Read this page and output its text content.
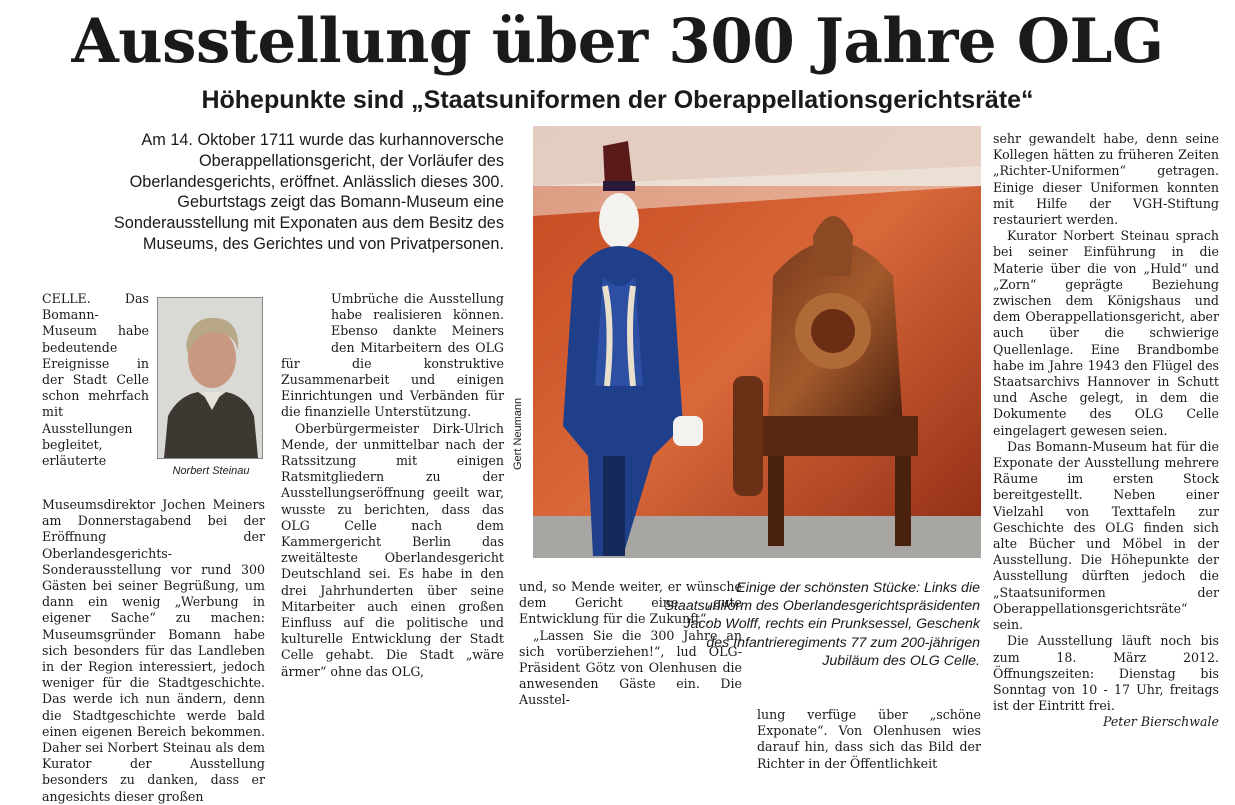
Ausstellung über 300 Jahre OLG
Höhepunkte sind „Staatsuniformen der Oberappellationsgerichtsräte“

Am 14. Oktober 1711 wurde das kurhannoversche Oberappellationsgericht, der Vorläufer des Oberlandesgerichts, eröffnet. Anlässlich dieses 300. Geburtstags zeigt das Bomann-Museum eine Sonderausstellung mit Exponaten aus dem Besitz des Museums, des Gerichtes und von Privatpersonen.

Norbert Steinau

CELLE. Das Bomann-Museum habe bedeutende Ereignisse in der Stadt Celle schon mehrfach mit Ausstellungen begleitet, erläuterte Museumsdirektor Jochen Meiners am Donnerstagabend bei der Eröffnung der Oberlandesgerichts-Sonderausstellung vor rund 300 Gästen bei seiner Begrüßung, um dann ein wenig „Werbung in eigener Sache“ zu machen: Museumsgründer Bomann habe sich besonders für das Landleben in der Region interessiert, jedoch weniger für die Stadtgeschichte. Das werde ich nun ändern, denn die Stadtgeschichte werde bald einen eigenen Bereich bekommen. Daher sei Norbert Steinau als dem Kurator der Ausstellung besonders zu danken, dass er angesichts dieser großen

Umbrüche die Ausstellung habe realisieren können. Ebenso dankte Meiners den Mitarbeitern des OLG für die konstruktive Zusammenarbeit und einigen Einrichtungen und Verbänden für die finanzielle Unterstützung.

Oberbürgermeister Dirk-Ulrich Mende, der unmittelbar nach der Ratssitzung mit einigen Ratsmitgliedern zu der Ausstellungseröffnung geeilt war, wusste zu berichten, dass das OLG Celle nach dem Kammergericht Berlin das zweitälteste Oberlandesgericht Deutschland sei. Es habe in den drei Jahrhunderten über seine Mitarbeiter auch einen großen Einfluss auf die politische und kulturelle Entwicklung der Stadt Celle gehabt. Die Stadt „wäre ärmer“ ohne das OLG,

Gert Neumann
Einige der schönsten Stücke: Links die Staatsuniform des Oberlandesgerichtspräsidenten Jacob Wolff, rechts ein Prunksessel, Geschenk des Infantrieregiments 77 zum 200-jährigen Jubiläum des OLG Celle.

und, so Mende weiter, er wünsche dem Gericht eine „gute Entwicklung für die Zukunft“.

„Lassen Sie die 300 Jahre an sich vorüberziehen!“, lud OLG-Präsident Götz von Olenhusen die anwesenden Gäste ein. Die Ausstel-

lung verfüge über „schöne Exponate“. Von Olenhusen wies darauf hin, dass sich das Bild der Richter in der Öffentlichkeit

sehr gewandelt habe, denn seine Kollegen hätten zu früheren Zeiten „Richter-Uniformen“ getragen. Einige dieser Uniformen konnten mit Hilfe der VGH-Stiftung restauriert werden.

Kurator Norbert Steinau sprach bei seiner Einführung in die Materie über die von „Huld“ und „Zorn“ geprägte Beziehung zwischen dem Königshaus und dem Oberappellationsgericht, aber auch über die schwierige Quellenlage. Eine Brandbombe habe im Jahre 1943 den Flügel des Staatsarchivs Hannover in Schutt und Asche gelegt, in dem die Dokumente des OLG Celle eingelagert gewesen seien.

Das Bomann-Museum hat für die Exponate der Ausstellung mehrere Räume im ersten Stock bereitgestellt. Neben einer Vielzahl von Texttafeln zur Geschichte des OLG finden sich alte Bücher und Möbel in der Ausstellung. Die Höhepunkte der Ausstellung dürften jedoch die „Staatsuniformen der Oberappellationsgerichtsräte“ sein.

Die Ausstellung läuft noch bis zum 18. März 2012. Öffnungszeiten: Dienstag bis Sonntag von 10 - 17 Uhr, freitags ist der Eintritt frei.
Peter Bierschwale
